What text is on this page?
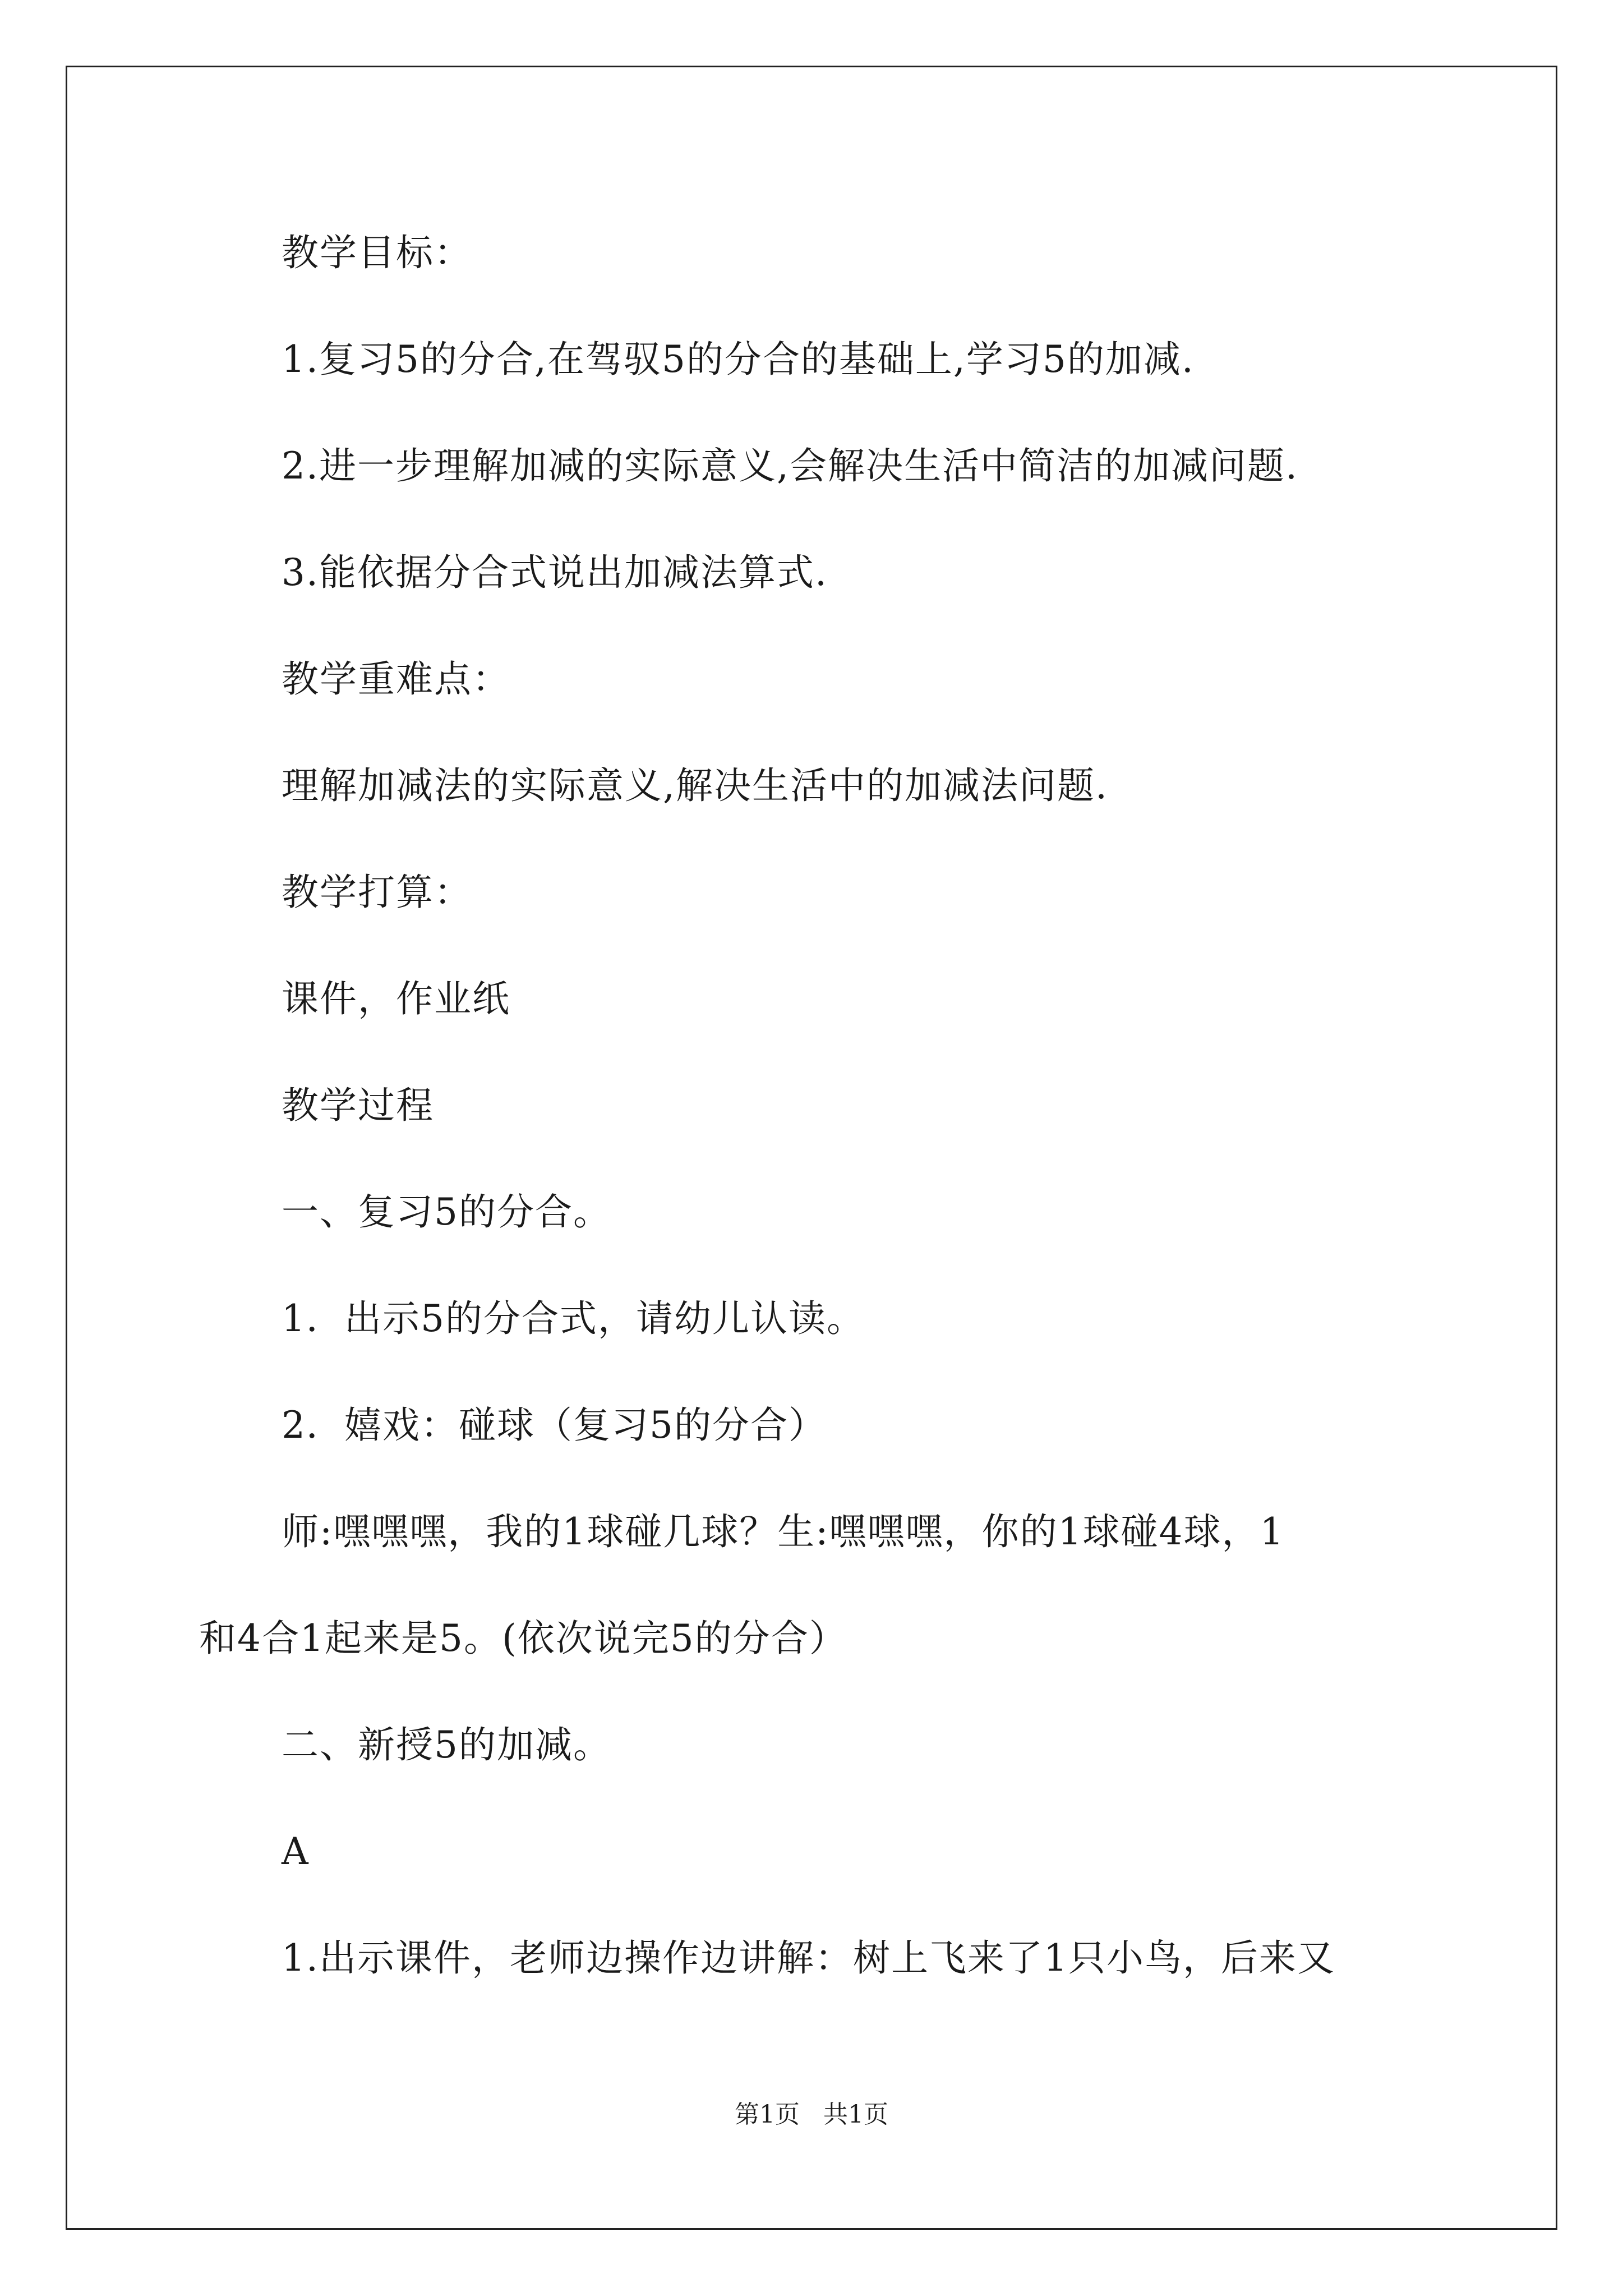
教学目标：
1.复习5的分合,在驾驭5的分合的基础上,学习5的加减.
2.进一步理解加减的实际意义,会解决生活中简洁的加减问题.
3.能依据分合式说出加减法算式.
教学重难点：
理解加减法的实际意义,解决生活中的加减法问题.
教学打算：
课件，作业纸
教学过程
一、复习5的分合。
1．出示5的分合式，请幼儿认读。
2．嬉戏：碰球（复习5的分合）
师:嘿嘿嘿，我的1球碰几球？生:嘿嘿嘿，你的1球碰4球，1
和4合1起来是5。(依次说完5的分合）
二、新授5的加减。
A
1.出示课件，老师边操作边讲解：树上飞来了1只小鸟，后来又
第1页   共1页
